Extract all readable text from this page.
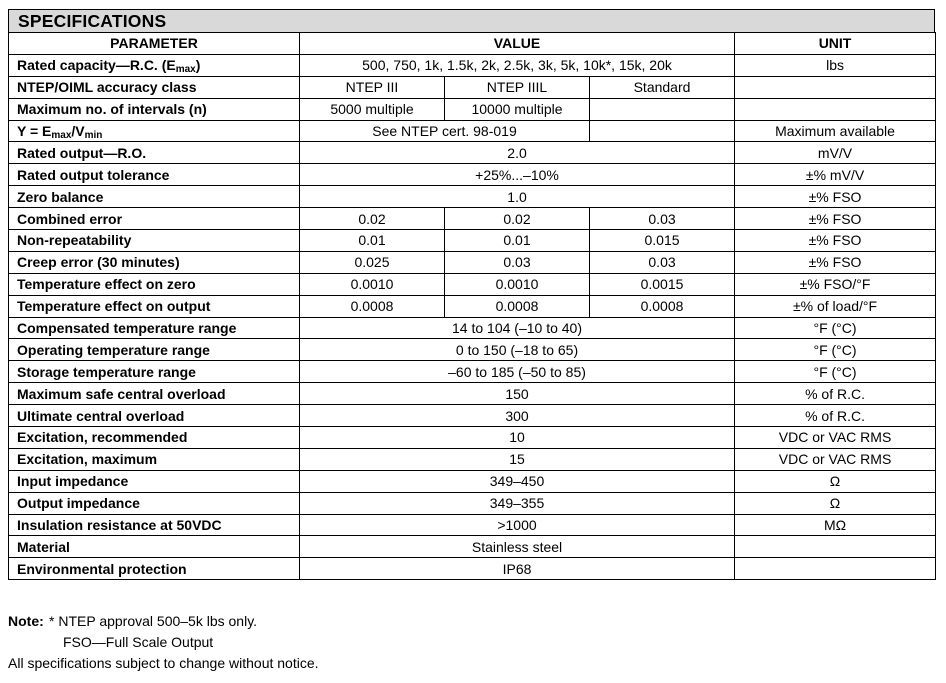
SPECIFICATIONS
PARAMETER	VALUE			UNIT
Rated capacity—R.C. $(E_{max})$	500, 750, 1k, 1.5k, 2k, 2.5k, 3k, 5k, 10k*, 15k, 20k			lbs
NTEP/OIML accuracy class	NTEP III	NTEP IIIL	Standard	
Maximum no. of intervals (n)	5000 multiple	10000 multiple		
$Y = E_{max}/V_{min}$	See NTEP cert. 98-019			Maximum available
Rated output—R.O.	2.0			mV/V
Rated output tolerance	+25%...–10%			±% mV/V
Zero balance	1.0			±% FSO
Combined error	0.02	0.02	0.03	±% FSO
Non-repeatability	0.01	0.01	0.015	±% FSO
Creep error (30 minutes)	0.025	0.03	0.03	±% FSO
Temperature effect on zero	0.0010	0.0010	0.0015	±% FSO/°F
Temperature effect on output	0.0008	0.0008	0.0008	±% of load/°F
Compensated temperature range	14 to 104 (–10 to 40)			°F (°C)
Operating temperature range	0 to 150 (–18 to 65)			°F (°C)
Storage temperature range	–60 to 185 (–50 to 85)			°F (°C)
Maximum safe central overload	150			% of R.C.
Ultimate central overload	300			% of R.C.
Excitation, recommended	10			VDC or VAC RMS
Excitation, maximum	15			VDC or VAC RMS
Input impedance	349–450			Ω
Output impedance	349–355			Ω
Insulation resistance at 50VDC	>1000			MΩ
Material	Stainless steel			
Environmental protection	IP68			
Note: * NTEP approval 500–5k lbs only.
FSO—Full Scale Output
All specifications subject to change without notice.
